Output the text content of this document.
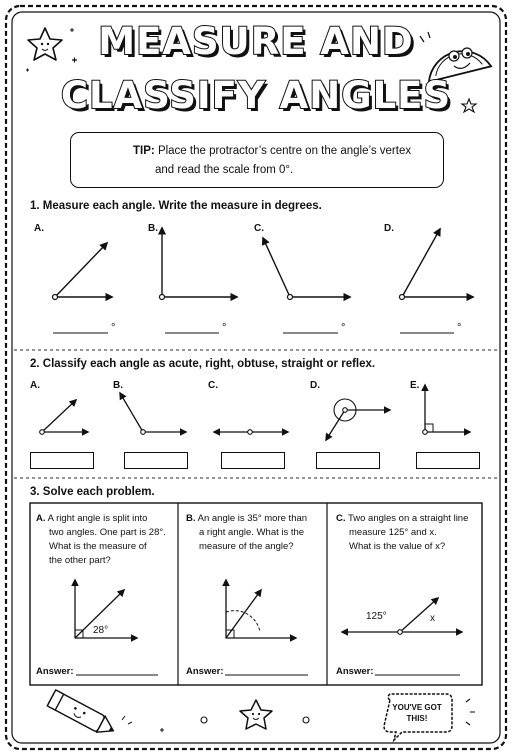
MEASURE AND
CLASSIFY ANGLES
TIP: Place the protractor’s centre on the angle’s vertex
and read the scale from 0°.
1. Measure each angle. Write the measure in degrees.
A.	B.	C.	D.
°	°	°	°
2. Classify each angle as acute, right, obtuse, straight or reflex.
A.	B.	C.	D.	E.
3. Solve each problem.
A. A right angle is split into
two angles. One part is 28°.
What is the measure of
the other part?
28°
Answer:
B. An angle is 35° more than
a right angle. What is the
measure of the angle?
Answer:
C. Two angles on a straight line
measure 125° and x.
What is the value of x?
125°	x
Answer:
YOU'VE GOT
THIS!
